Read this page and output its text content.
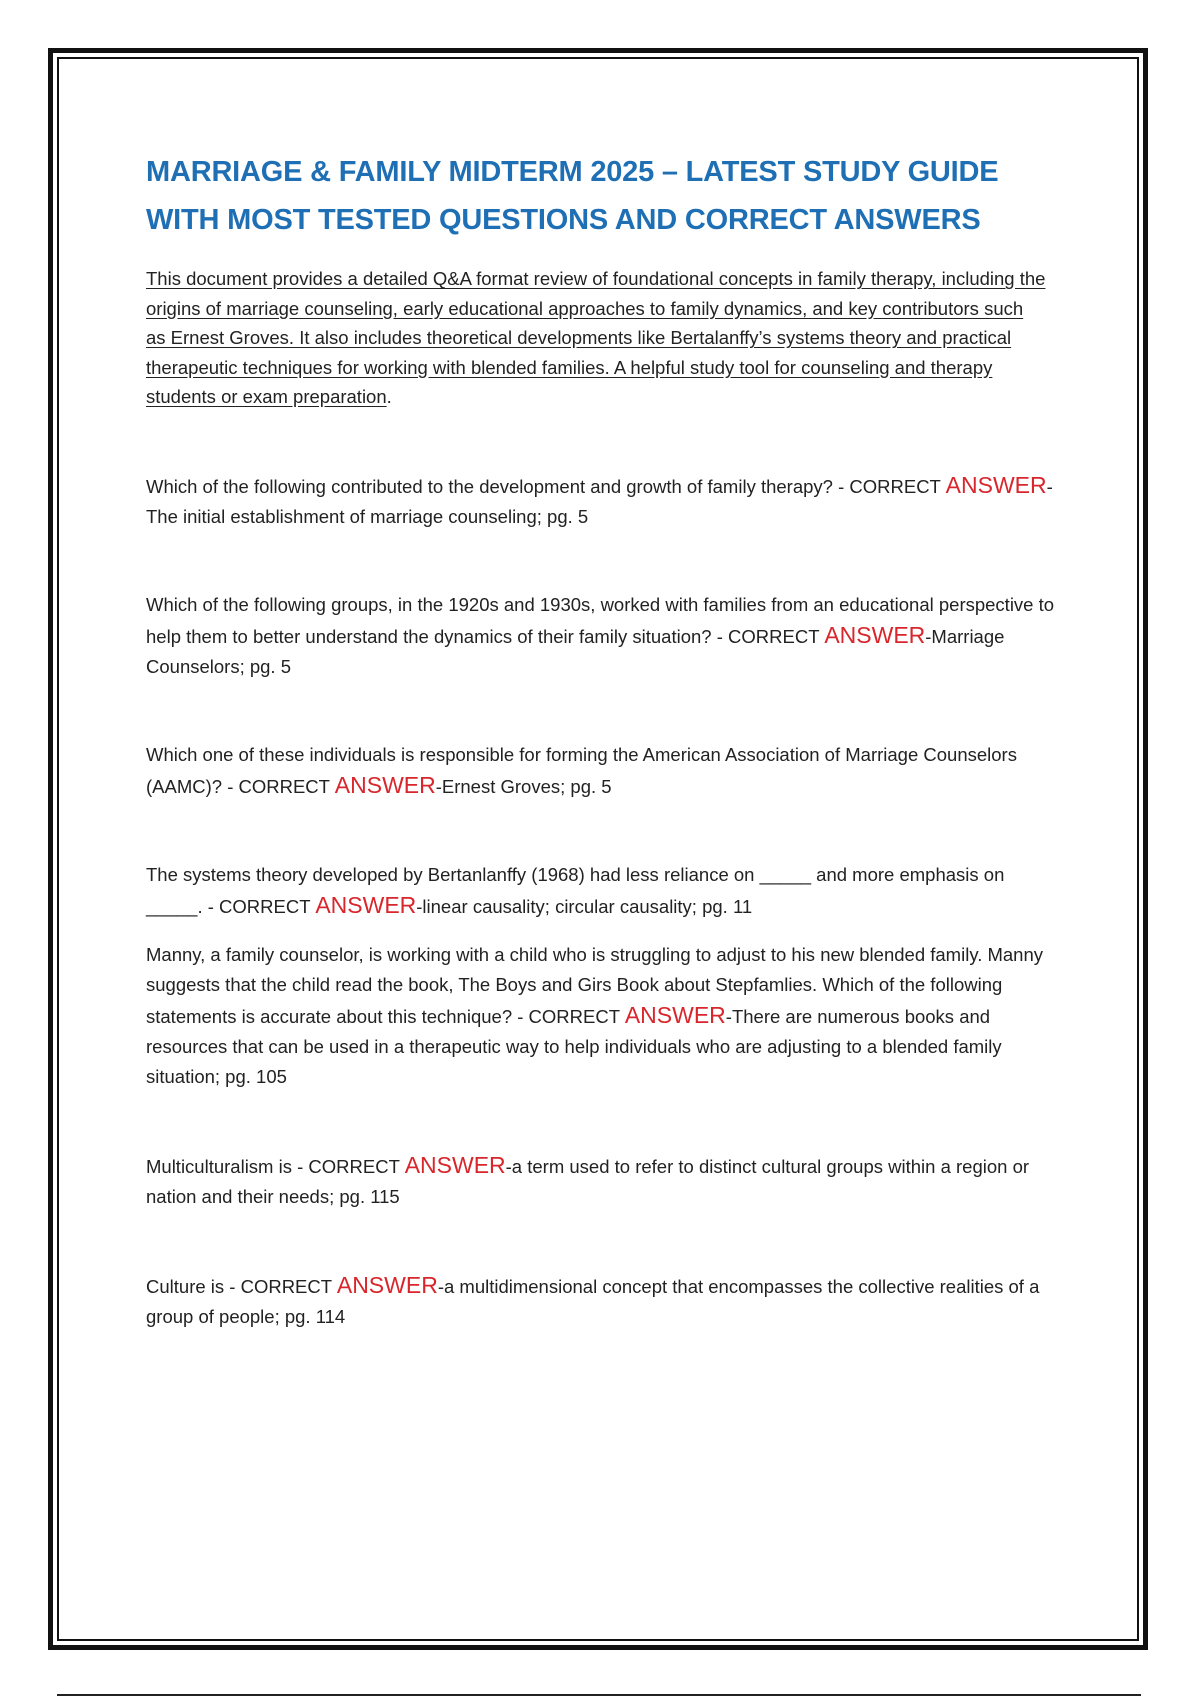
MARRIAGE & FAMILY MIDTERM 2025 – LATEST STUDY GUIDE WITH MOST TESTED QUESTIONS AND CORRECT ANSWERS

This document provides a detailed Q&A format review of foundational concepts in family therapy, including the origins of marriage counseling, early educational approaches to family dynamics, and key contributors such as Ernest Groves. It also includes theoretical developments like Bertalanffy’s systems theory and practical therapeutic techniques for working with blended families. A helpful study tool for counseling and therapy students or exam preparation.

Which of the following contributed to the development and growth of family therapy? - CORRECT ANSWER-The initial establishment of marriage counseling; pg. 5

Which of the following groups, in the 1920s and 1930s, worked with families from an educational perspective to help them to better understand the dynamics of their family situation? - CORRECT ANSWER-Marriage Counselors; pg. 5

Which one of these individuals is responsible for forming the American Association of Marriage Counselors (AAMC)? - CORRECT ANSWER-Ernest Groves; pg. 5

The systems theory developed by Bertanlanffy (1968) had less reliance on _____ and more emphasis on _____. - CORRECT ANSWER-linear causality; circular causality; pg. 11

Manny, a family counselor, is working with a child who is struggling to adjust to his new blended family. Manny suggests that the child read the book, The Boys and Girs Book about Stepfamlies. Which of the following statements is accurate about this technique? - CORRECT ANSWER-There are numerous books and resources that can be used in a therapeutic way to help individuals who are adjusting to a blended family situation; pg. 105

Multiculturalism is - CORRECT ANSWER-a term used to refer to distinct cultural groups within a region or nation and their needs; pg. 115

Culture is - CORRECT ANSWER-a multidimensional concept that encompasses the collective realities of a group of people; pg. 114
